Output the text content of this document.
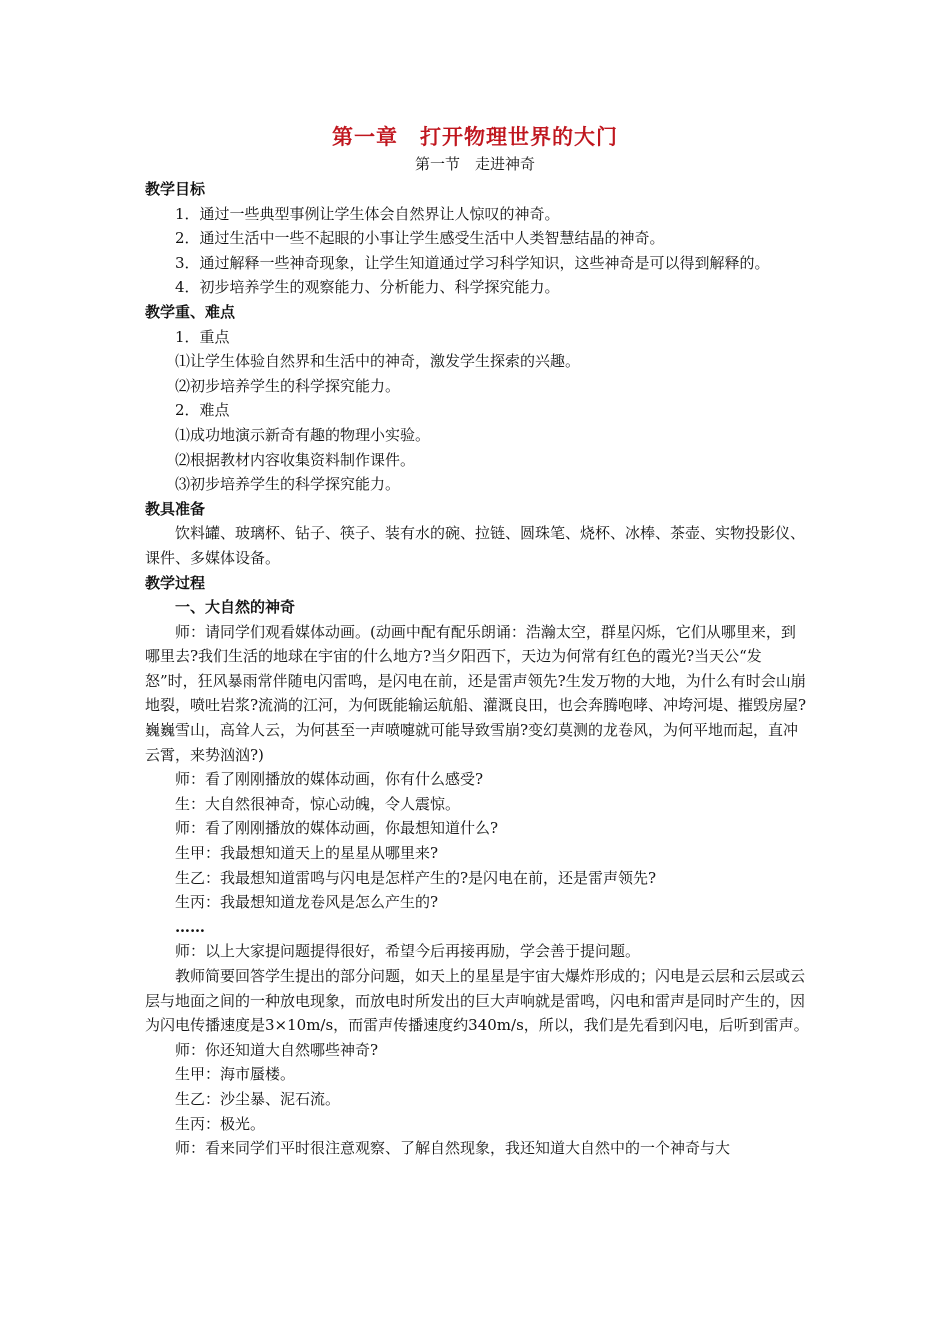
第一章　打开物理世界的大门
第一节　走进神奇

教学目标

1．通过一些典型事例让学生体会自然界让人惊叹的神奇。

2．通过生活中一些不起眼的小事让学生感受生活中人类智慧结晶的神奇。

3．通过解释一些神奇现象，让学生知道通过学习科学知识，这些神奇是可以得到解释的。

4．初步培养学生的观察能力、分析能力、科学探究能力。

教学重、难点

1．重点

⑴让学生体验自然界和生活中的神奇，激发学生探索的兴趣。

⑵初步培养学生的科学探究能力。

2．难点

⑴成功地演示新奇有趣的物理小实验。

⑵根据教材内容收集资料制作课件。

⑶初步培养学生的科学探究能力。

教具准备

饮料罐、玻璃杯、钻子、筷子、装有水的碗、拉链、圆珠笔、烧杯、冰棒、茶壶、实物投影仪、课件、多媒体设备。

教学过程

一、大自然的神奇

师：请同学们观看媒体动画。(动画中配有配乐朗诵：浩瀚太空，群星闪烁，它们从哪里来，到哪里去?我们生活的地球在宇宙的什么地方?当夕阳西下，天边为何常有红色的霞光?当天公“发怒”时，狂风暴雨常伴随电闪雷鸣，是闪电在前，还是雷声领先?生发万物的大地，为什么有时会山崩地裂，喷吐岩浆?流淌的江河，为何既能输运航船、灌溉良田，也会奔腾咆哮、冲垮河堤、摧毁房屋?巍巍雪山，高耸人云，为何甚至一声喷嚏就可能导致雪崩?变幻莫测的龙卷风，为何平地而起，直冲云霄，来势汹汹?)

师：看了刚刚播放的媒体动画，你有什么感受?

生：大自然很神奇，惊心动魄，令人震惊。

师：看了刚刚播放的媒体动画，你最想知道什么?

生甲：我最想知道天上的星星从哪里来?

生乙：我最想知道雷鸣与闪电是怎样产生的?是闪电在前，还是雷声领先?

生丙：我最想知道龙卷风是怎么产生的?

……

师：以上大家提问题提得很好，希望今后再接再励，学会善于提问题。

教师简要回答学生提出的部分问题，如天上的星星是宇宙大爆炸形成的；闪电是云层和云层或云层与地面之间的一种放电现象，而放电时所发出的巨大声响就是雷鸣，闪电和雷声是同时产生的，因为闪电传播速度是3×10m/s，而雷声传播速度约340m/s，所以，我们是先看到闪电，后听到雷声。

师：你还知道大自然哪些神奇?

生甲：海市蜃楼。

生乙：沙尘暴、泥石流。

生丙：极光。

师：看来同学们平时很注意观察、了解自然现象，我还知道大自然中的一个神奇与大
